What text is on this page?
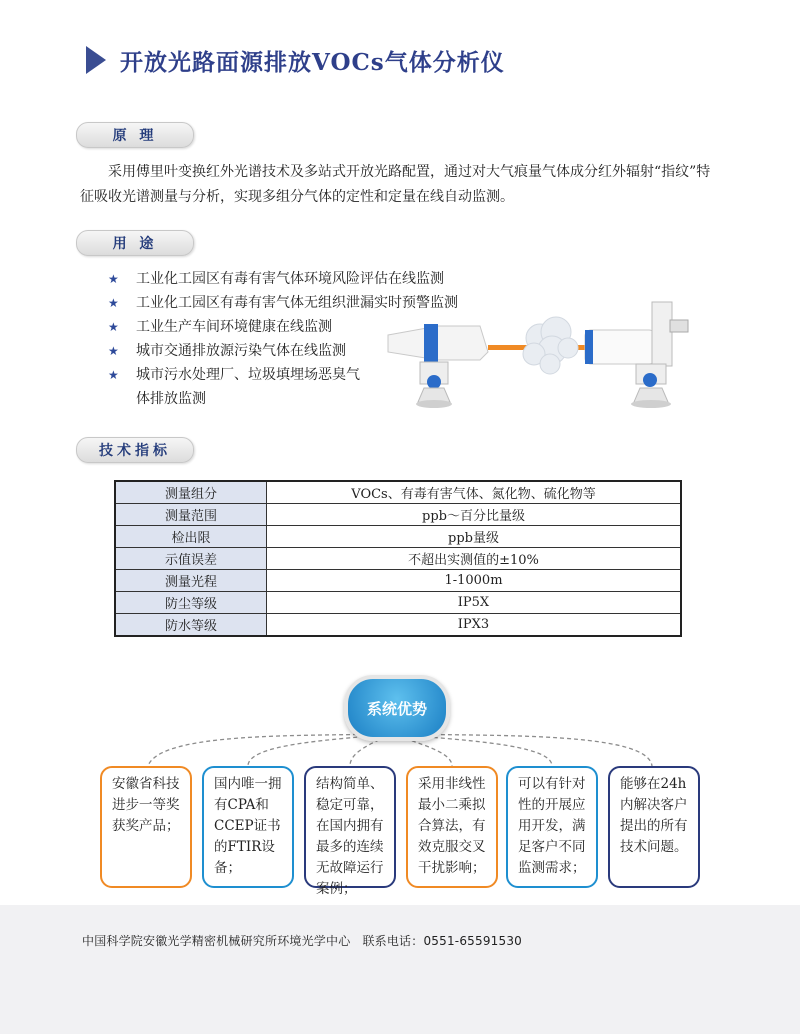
开放光路面源排放VOCs气体分析仪
原 理
采用傅里叶变换红外光谱技术及多站式开放光路配置，通过对大气痕量气体成分红外辐射“指纹”特征吸收光谱测量与分析，实现多组分气体的定性和定量在线自动监测。
用 途
★ 工业化工园区有毒有害气体环境风险评估在线监测
★ 工业化工园区有毒有害气体无组织泄漏实时预警监测
★ 工业生产车间环境健康在线监测
★ 城市交通排放源污染气体在线监测
★ 城市污水处理厂、垃圾填埋场恶臭气体排放监测
技术指标
测量组分	VOCs、有毒有害气体、氮化物、硫化物等
测量范围	ppb～百分比量级
检出限	ppb量级
示值误差	不超出实测值的±10%
测量光程	1-1000m
防尘等级	IP5X
防水等级	IPX3
系统优势
安徽省科技进步一等奖获奖产品；
国内唯一拥有CPA和CCEP证书的FTIR设备；
结构简单、稳定可靠，在国内拥有最多的连续无故障运行案例；
采用非线性最小二乘拟合算法，有效克服交叉干扰影响；
可以有针对性的开展应用开发，满足客户不同监测需求；
能够在24h内解决客户提出的所有技术问题。
中国科学院安徽光学精密机械研究所环境光学中心 联系电话：0551-65591530
